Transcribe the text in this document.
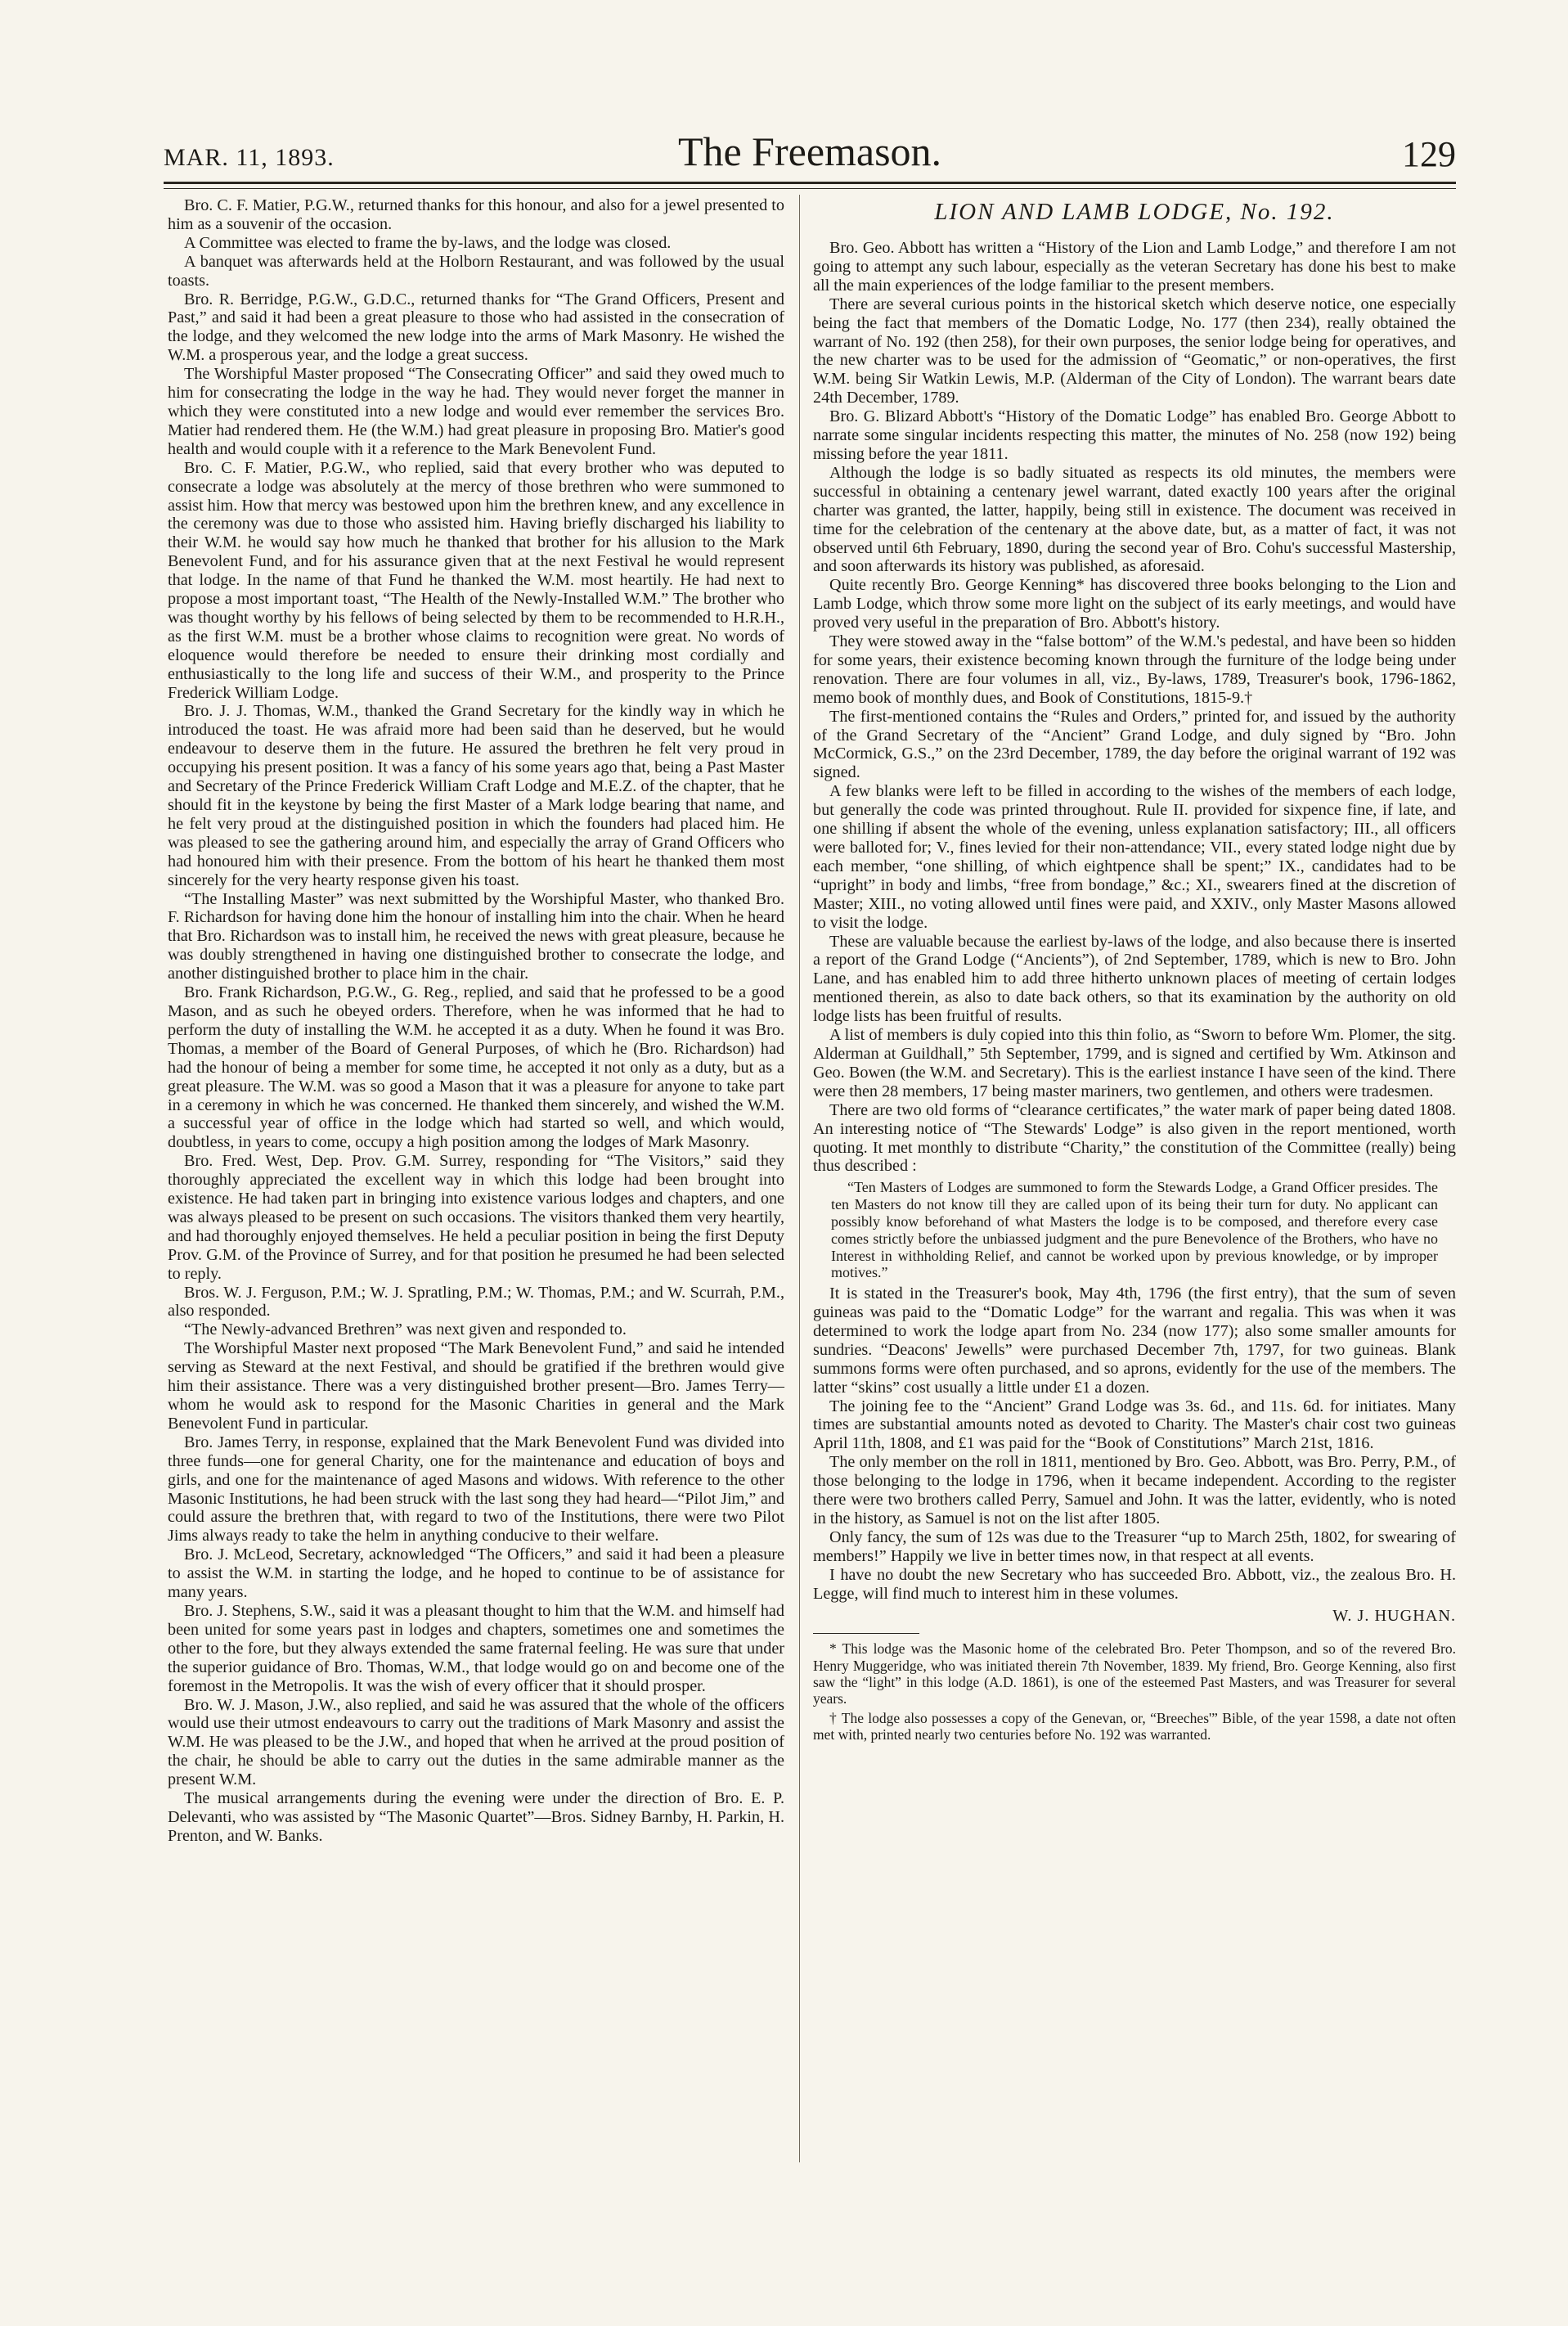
MAR. 11, 1893.	The Freemason.	129

Bro. C. F. Matier, P.G.W., returned thanks for this honour, and also for a jewel presented to him as a souvenir of the occasion.

A Committee was elected to frame the by-laws, and the lodge was closed.

A banquet was afterwards held at the Holborn Restaurant, and was followed by the usual toasts.

Bro. R. Berridge, P.G.W., G.D.C., returned thanks for “The Grand Officers, Present and Past,” and said it had been a great pleasure to those who had assisted in the consecration of the lodge, and they welcomed the new lodge into the arms of Mark Masonry. He wished the W.M. a prosperous year, and the lodge a great success.

The Worshipful Master proposed “The Consecrating Officer” and said they owed much to him for consecrating the lodge in the way he had. They would never forget the manner in which they were constituted into a new lodge and would ever remember the services Bro. Matier had rendered them. He (the W.M.) had great pleasure in proposing Bro. Matier's good health and would couple with it a reference to the Mark Benevolent Fund.

Bro. C. F. Matier, P.G.W., who replied, said that every brother who was deputed to consecrate a lodge was absolutely at the mercy of those brethren who were summoned to assist him. How that mercy was bestowed upon him the brethren knew, and any excellence in the ceremony was due to those who assisted him. Having briefly discharged his liability to their W.M. he would say how much he thanked that brother for his allusion to the Mark Benevolent Fund, and for his assurance given that at the next Festival he would represent that lodge. In the name of that Fund he thanked the W.M. most heartily. He had next to propose a most important toast, “The Health of the Newly-Installed W.M.” The brother who was thought worthy by his fellows of being selected by them to be recommended to H.R.H., as the first W.M. must be a brother whose claims to recognition were great. No words of eloquence would therefore be needed to ensure their drinking most cordially and enthusiastically to the long life and success of their W.M., and prosperity to the Prince Frederick William Lodge.

Bro. J. J. Thomas, W.M., thanked the Grand Secretary for the kindly way in which he introduced the toast. He was afraid more had been said than he deserved, but he would endeavour to deserve them in the future. He assured the brethren he felt very proud in occupying his present position. It was a fancy of his some years ago that, being a Past Master and Secretary of the Prince Frederick William Craft Lodge and M.E.Z. of the chapter, that he should fit in the keystone by being the first Master of a Mark lodge bearing that name, and he felt very proud at the distinguished position in which the founders had placed him. He was pleased to see the gathering around him, and especially the array of Grand Officers who had honoured him with their presence. From the bottom of his heart he thanked them most sincerely for the very hearty response given his toast.

“The Installing Master” was next submitted by the Worshipful Master, who thanked Bro. F. Richardson for having done him the honour of installing him into the chair. When he heard that Bro. Richardson was to install him, he received the news with great pleasure, because he was doubly strengthened in having one distinguished brother to consecrate the lodge, and another distinguished brother to place him in the chair.

Bro. Frank Richardson, P.G.W., G. Reg., replied, and said that he professed to be a good Mason, and as such he obeyed orders. Therefore, when he was informed that he had to perform the duty of installing the W.M. he accepted it as a duty. When he found it was Bro. Thomas, a member of the Board of General Purposes, of which he (Bro. Richardson) had had the honour of being a member for some time, he accepted it not only as a duty, but as a great pleasure. The W.M. was so good a Mason that it was a pleasure for anyone to take part in a ceremony in which he was concerned. He thanked them sincerely, and wished the W.M. a successful year of office in the lodge which had started so well, and which would, doubtless, in years to come, occupy a high position among the lodges of Mark Masonry.

Bro. Fred. West, Dep. Prov. G.M. Surrey, responding for “The Visitors,” said they thoroughly appreciated the excellent way in which this lodge had been brought into existence. He had taken part in bringing into existence various lodges and chapters, and one was always pleased to be present on such occasions. The visitors thanked them very heartily, and had thoroughly enjoyed themselves. He held a peculiar position in being the first Deputy Prov. G.M. of the Province of Surrey, and for that position he presumed he had been selected to reply.

Bros. W. J. Ferguson, P.M.; W. J. Spratling, P.M.; W. Thomas, P.M.; and W. Scurrah, P.M., also responded.

“The Newly-advanced Brethren” was next given and responded to.

The Worshipful Master next proposed “The Mark Benevolent Fund,” and said he intended serving as Steward at the next Festival, and should be gratified if the brethren would give him their assistance. There was a very distinguished brother present—Bro. James Terry—whom he would ask to respond for the Masonic Charities in general and the Mark Benevolent Fund in particular.

Bro. James Terry, in response, explained that the Mark Benevolent Fund was divided into three funds—one for general Charity, one for the maintenance and education of boys and girls, and one for the maintenance of aged Masons and widows. With reference to the other Masonic Institutions, he had been struck with the last song they had heard—“Pilot Jim,” and could assure the brethren that, with regard to two of the Institutions, there were two Pilot Jims always ready to take the helm in anything conducive to their welfare.

Bro. J. McLeod, Secretary, acknowledged “The Officers,” and said it had been a pleasure to assist the W.M. in starting the lodge, and he hoped to continue to be of assistance for many years.

Bro. J. Stephens, S.W., said it was a pleasant thought to him that the W.M. and himself had been united for some years past in lodges and chapters, sometimes one and sometimes the other to the fore, but they always extended the same fraternal feeling. He was sure that under the superior guidance of Bro. Thomas, W.M., that lodge would go on and become one of the foremost in the Metropolis. It was the wish of every officer that it should prosper.

Bro. W. J. Mason, J.W., also replied, and said he was assured that the whole of the officers would use their utmost endeavours to carry out the traditions of Mark Masonry and assist the W.M. He was pleased to be the J.W., and hoped that when he arrived at the proud position of the chair, he should be able to carry out the duties in the same admirable manner as the present W.M.

The musical arrangements during the evening were under the direction of Bro. E. P. Delevanti, who was assisted by “The Masonic Quartet”—Bros. Sidney Barnby, H. Parkin, H. Prenton, and W. Banks.

LION AND LAMB LODGE, No. 192.

Bro. Geo. Abbott has written a “History of the Lion and Lamb Lodge,” and therefore I am not going to attempt any such labour, especially as the veteran Secretary has done his best to make all the main experiences of the lodge familiar to the present members.

There are several curious points in the historical sketch which deserve notice, one especially being the fact that members of the Domatic Lodge, No. 177 (then 234), really obtained the warrant of No. 192 (then 258), for their own purposes, the senior lodge being for operatives, and the new charter was to be used for the admission of “Geomatic,” or non-operatives, the first W.M. being Sir Watkin Lewis, M.P. (Alderman of the City of London). The warrant bears date 24th December, 1789.

Bro. G. Blizard Abbott's “History of the Domatic Lodge” has enabled Bro. George Abbott to narrate some singular incidents respecting this matter, the minutes of No. 258 (now 192) being missing before the year 1811.

Although the lodge is so badly situated as respects its old minutes, the members were successful in obtaining a centenary jewel warrant, dated exactly 100 years after the original charter was granted, the latter, happily, being still in existence. The document was received in time for the celebration of the centenary at the above date, but, as a matter of fact, it was not observed until 6th February, 1890, during the second year of Bro. Cohu's successful Mastership, and soon afterwards its history was published, as aforesaid.

Quite recently Bro. George Kenning* has discovered three books belonging to the Lion and Lamb Lodge, which throw some more light on the subject of its early meetings, and would have proved very useful in the preparation of Bro. Abbott's history.

They were stowed away in the “false bottom” of the W.M.'s pedestal, and have been so hidden for some years, their existence becoming known through the furniture of the lodge being under renovation. There are four volumes in all, viz., By-laws, 1789, Treasurer's book, 1796-1862, memo book of monthly dues, and Book of Constitutions, 1815-9.†

The first-mentioned contains the “Rules and Orders,” printed for, and issued by the authority of the Grand Secretary of the “Ancient” Grand Lodge, and duly signed by “Bro. John McCormick, G.S.,” on the 23rd December, 1789, the day before the original warrant of 192 was signed.

A few blanks were left to be filled in according to the wishes of the members of each lodge, but generally the code was printed throughout. Rule II. provided for sixpence fine, if late, and one shilling if absent the whole of the evening, unless explanation satisfactory; III., all officers were balloted for; V., fines levied for their non-attendance; VII., every stated lodge night due by each member, “one shilling, of which eightpence shall be spent;” IX., candidates had to be “upright” in body and limbs, “free from bondage,” &c.; XI., swearers fined at the discretion of Master; XIII., no voting allowed until fines were paid, and XXIV., only Master Masons allowed to visit the lodge.

These are valuable because the earliest by-laws of the lodge, and also because there is inserted a report of the Grand Lodge (“Ancients”), of 2nd September, 1789, which is new to Bro. John Lane, and has enabled him to add three hitherto unknown places of meeting of certain lodges mentioned therein, as also to date back others, so that its examination by the authority on old lodge lists has been fruitful of results.

A list of members is duly copied into this thin folio, as “Sworn to before Wm. Plomer, the sitg. Alderman at Guildhall,” 5th September, 1799, and is signed and certified by Wm. Atkinson and Geo. Bowen (the W.M. and Secretary). This is the earliest instance I have seen of the kind. There were then 28 members, 17 being master mariners, two gentlemen, and others were tradesmen.

There are two old forms of “clearance certificates,” the water mark of paper being dated 1808. An interesting notice of “The Stewards' Lodge” is also given in the report mentioned, worth quoting. It met monthly to distribute “Charity,” the constitution of the Committee (really) being thus described :

“Ten Masters of Lodges are summoned to form the Stewards Lodge, a Grand Officer presides. The ten Masters do not know till they are called upon of its being their turn for duty. No applicant can possibly know beforehand of what Masters the lodge is to be composed, and therefore every case comes strictly before the unbiassed judgment and the pure Benevolence of the Brothers, who have no Interest in withholding Relief, and cannot be worked upon by previous knowledge, or by improper motives.”

It is stated in the Treasurer's book, May 4th, 1796 (the first entry), that the sum of seven guineas was paid to the “Domatic Lodge” for the warrant and regalia. This was when it was determined to work the lodge apart from No. 234 (now 177); also some smaller amounts for sundries. “Deacons' Jewells” were purchased December 7th, 1797, for two guineas. Blank summons forms were often purchased, and so aprons, evidently for the use of the members. The latter “skins” cost usually a little under £1 a dozen.

The joining fee to the “Ancient” Grand Lodge was 3s. 6d., and 11s. 6d. for initiates. Many times are substantial amounts noted as devoted to Charity. The Master's chair cost two guineas April 11th, 1808, and £1 was paid for the “Book of Constitutions” March 21st, 1816.

The only member on the roll in 1811, mentioned by Bro. Geo. Abbott, was Bro. Perry, P.M., of those belonging to the lodge in 1796, when it became independent. According to the register there were two brothers called Perry, Samuel and John. It was the latter, evidently, who is noted in the history, as Samuel is not on the list after 1805.

Only fancy, the sum of 12s was due to the Treasurer “up to March 25th, 1802, for swearing of members!” Happily we live in better times now, in that respect at all events.

I have no doubt the new Secretary who has succeeded Bro. Abbott, viz., the zealous Bro. H. Legge, will find much to interest him in these volumes.

W. J. HUGHAN.
* This lodge was the Masonic home of the celebrated Bro. Peter Thompson, and so of the revered Bro. Henry Muggeridge, who was initiated therein 7th November, 1839. My friend, Bro. George Kenning, also first saw the “light” in this lodge (A.D. 1861), is one of the esteemed Past Masters, and was Treasurer for several years.
† The lodge also possesses a copy of the Genevan, or, “Breeches'” Bible, of the year 1598, a date not often met with, printed nearly two centuries before No. 192 was warranted.
